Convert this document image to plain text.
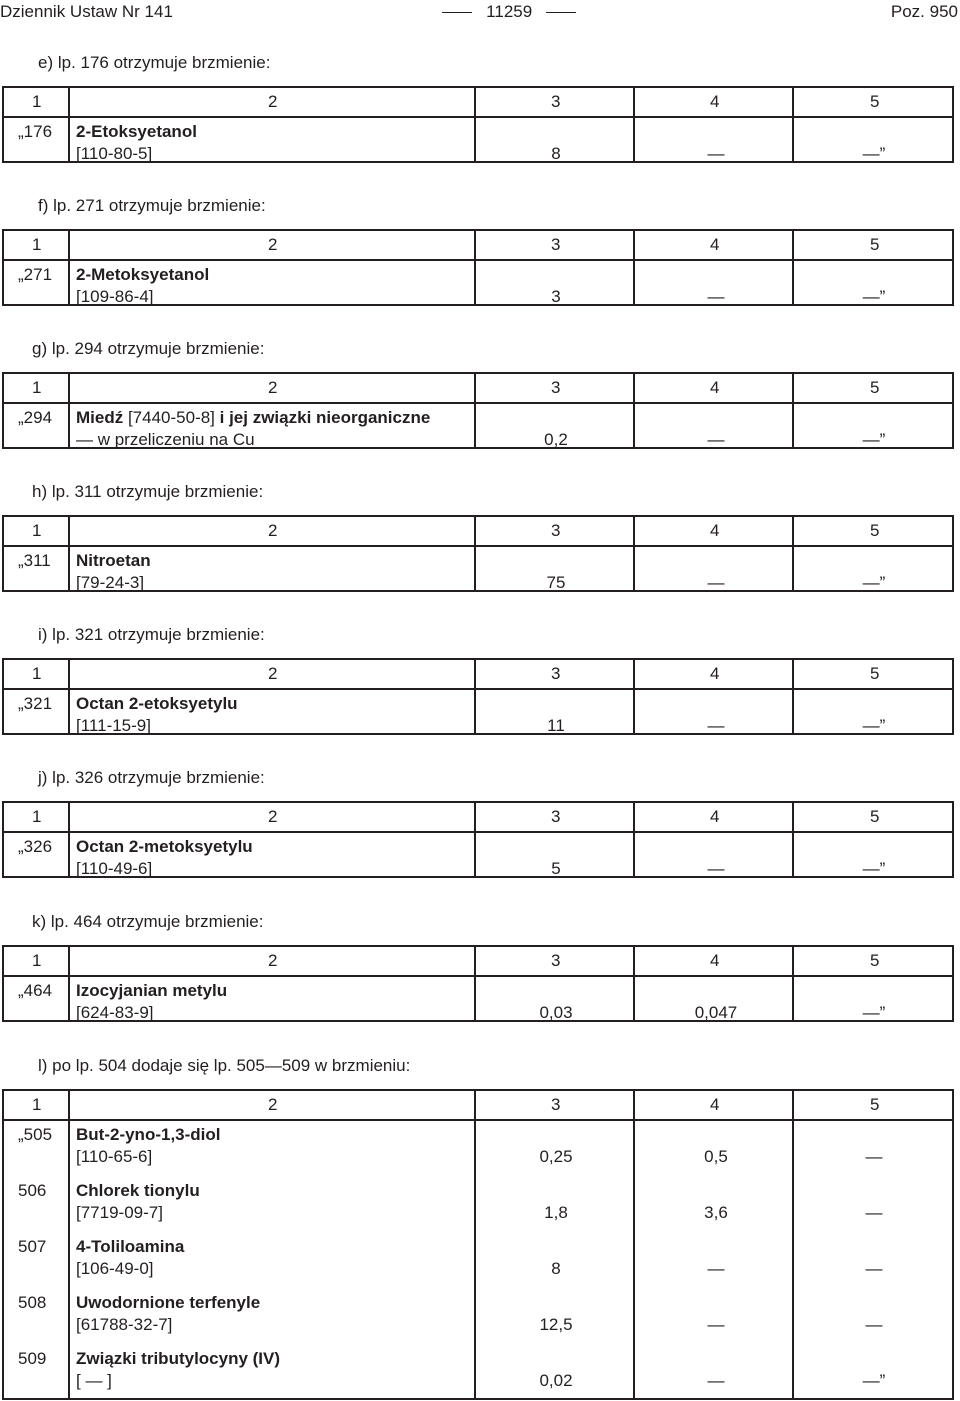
Dziennik Ustaw Nr 141	11259	Poz. 950
e) lp. 176 otrzymuje brzmienie:
1	2	3	4	5
„176 2-Etoksyetanol
[110-80-5]	8	—	—”
f) lp. 271 otrzymuje brzmienie:
1	2	3	4	5
„271 2-Metoksyetanol
[109-86-4]	3	—	—”
g) lp. 294 otrzymuje brzmienie:
1	2	3	4	5
„294 Miedź [7440-50-8] i jej związki nieorganiczne
— w przeliczeniu na Cu	0,2	—	—”
h) lp. 311 otrzymuje brzmienie:
1	2	3	4	5
„311 Nitroetan
[79-24-3]	75	—	—”
i) lp. 321 otrzymuje brzmienie:
1	2	3	4	5
„321 Octan 2-etoksyetylu
[111-15-9]	11	—	—”
j) lp. 326 otrzymuje brzmienie:
1	2	3	4	5
„326 Octan 2-metoksyetylu
[110-49-6]	5	—	—”
k) lp. 464 otrzymuje brzmienie:
1	2	3	4	5
„464 Izocyjanian metylu
[624-83-9]	0,03	0,047	—”
l) po lp. 504 dodaje się lp. 505—509 w brzmieniu:
1	2	3	4	5
„505 But-2-yno-1,3-diol
[110-65-6]	0,25	0,5	—
506 Chlorek tionylu
[7719-09-7]	1,8	3,6	—
507 4-Toliloamina
[106-49-0]	8	—	—
508 Uwodornione terfenyle
[61788-32-7]	12,5	—	—
509 Związki tributylocyny (IV)
[ — ]	0,02	—	—”
